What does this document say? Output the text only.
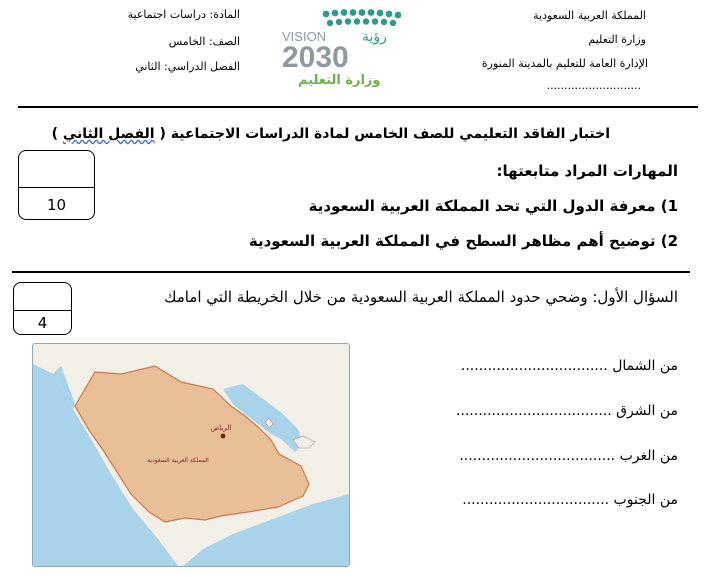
المملكة العربية السعودية
وزارة التعليم
الإدارة العامة للتعليم بالمدينة المنورة
...........................
المادة: دراسات اجتماعية
الصف: الخامس
الفصل الدراسي: الثاني
VISION	رؤية
2030
وزارة التعليم
اختبار الفاقد التعليمي للصف الخامس لمادة الدراسات الاجتماعية ( الفصل الثاني )
10
المهارات المراد متابعتها:
1) معرفة الدول التي تحد المملكة العربية السعودية
2) توضيح أهم مظاهر السطح في المملكة العربية السعودية
4
السؤال الأول: وضحي حدود المملكة العربية السعودية من خلال الخريطة التي امامك
من الشمال .................................
من الشرق ...................................
من الغرب ...................................
من الجنوب .................................
الرياض
المملكة العربية السعودية
